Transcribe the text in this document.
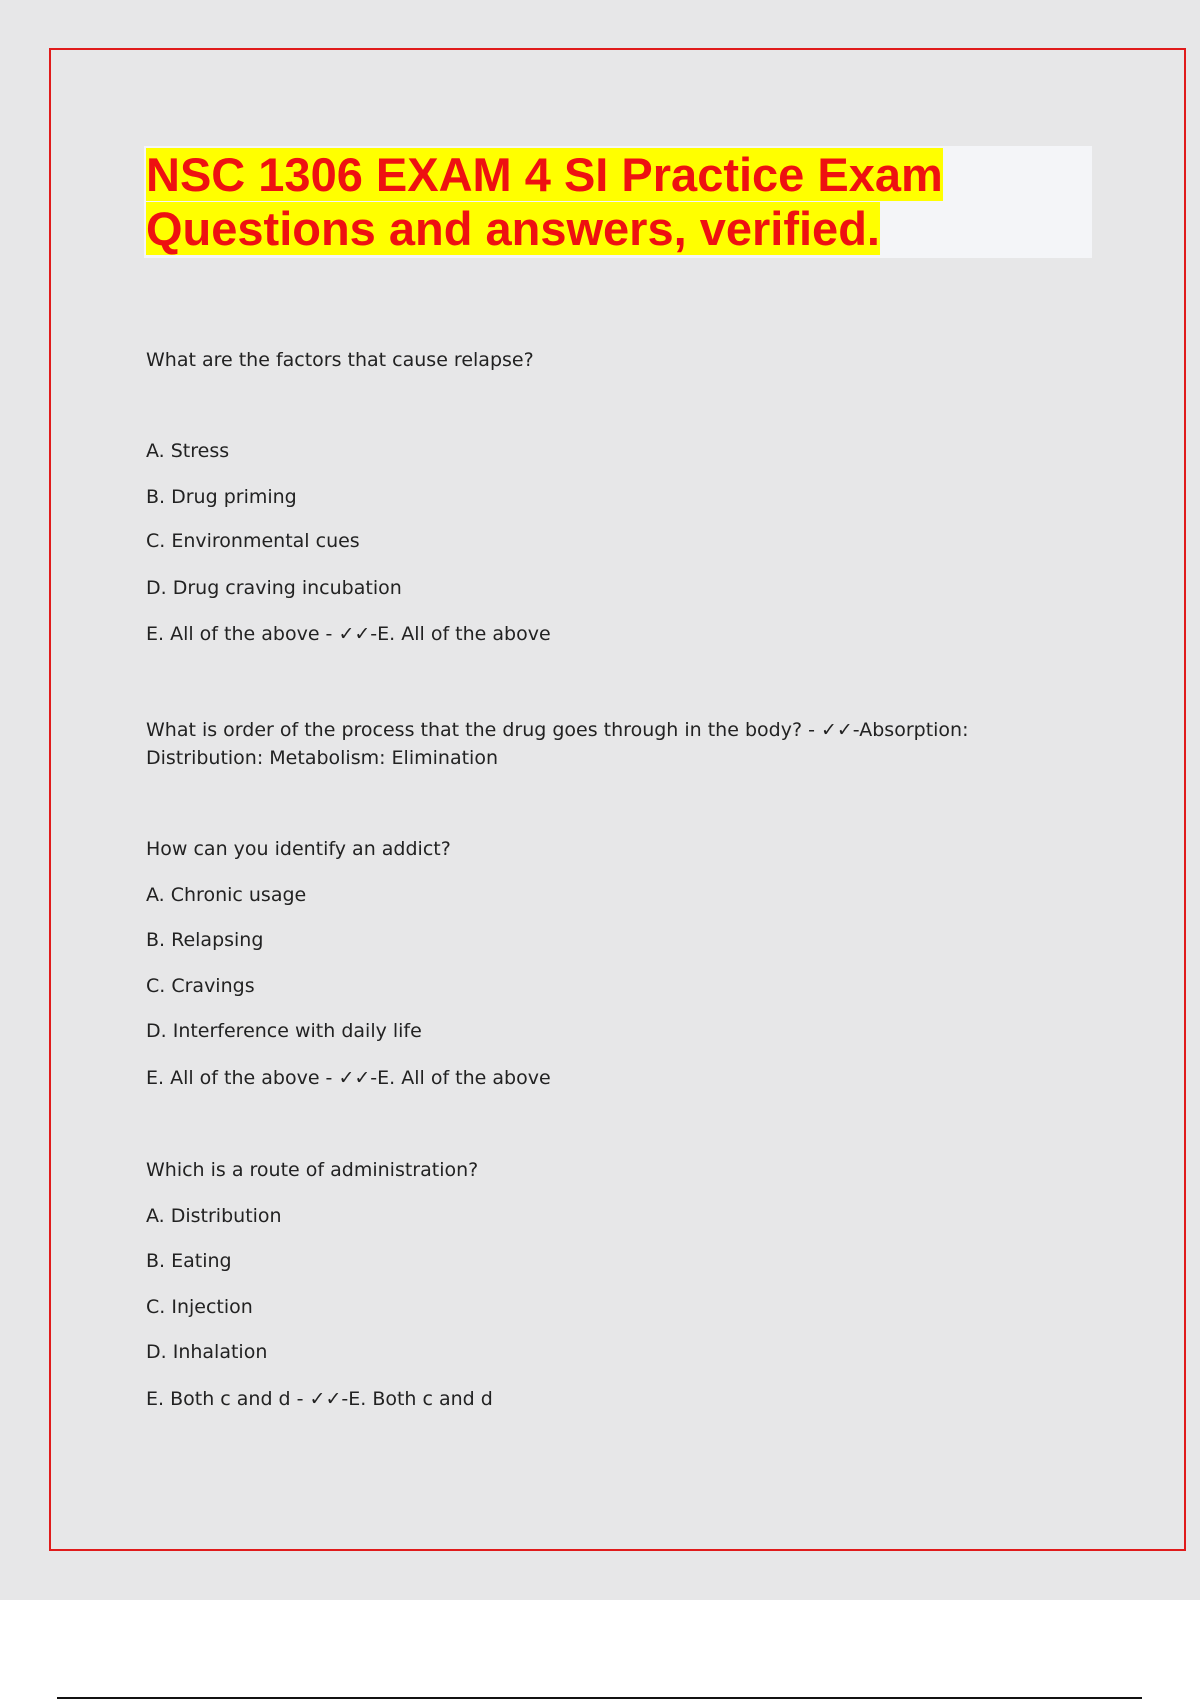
NSC 1306 EXAM 4 SI Practice Exam
Questions and answers, verified.
What are the factors that cause relapse?
A. Stress
B. Drug priming
C. Environmental cues
D. Drug craving incubation
E. All of the above - ✓✓-E. All of the above
What is order of the process that the drug goes through in the body? - ✓✓-Absorption: Distribution: Metabolism: Elimination
How can you identify an addict?
A. Chronic usage
B. Relapsing
C. Cravings
D. Interference with daily life
E. All of the above - ✓✓-E. All of the above
Which is a route of administration?
A. Distribution
B. Eating
C. Injection
D. Inhalation
E. Both c and d - ✓✓-E. Both c and d
